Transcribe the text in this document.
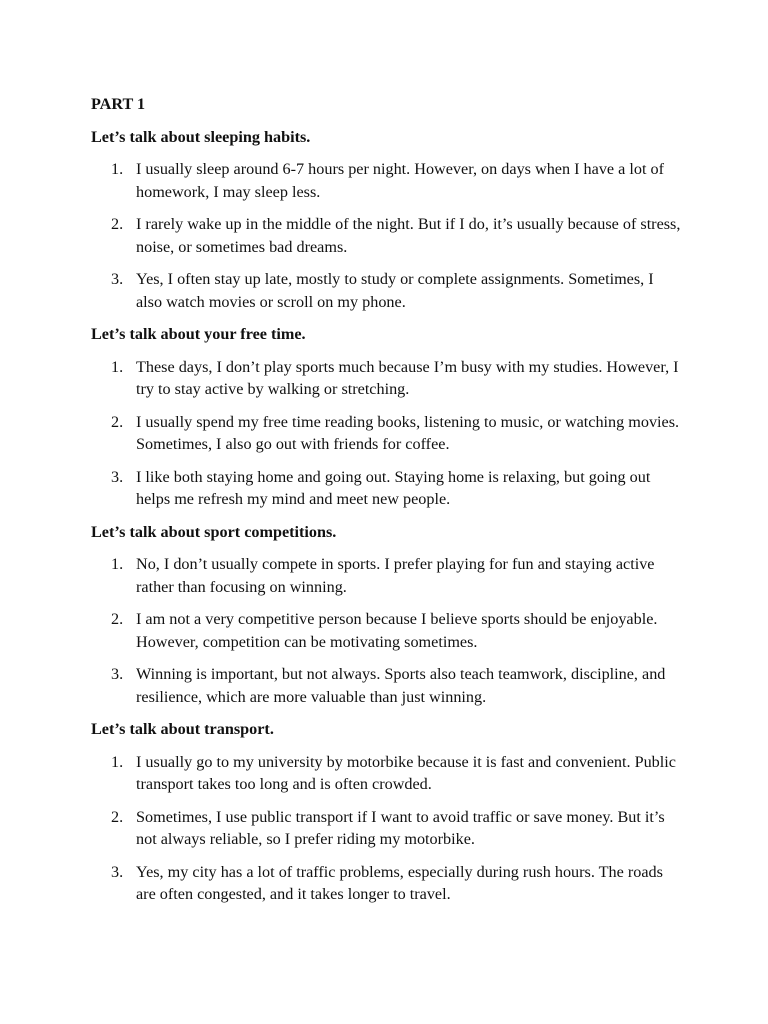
PART 1
Let’s talk about sleeping habits.
1. I usually sleep around 6-7 hours per night. However, on days when I have a lot of homework, I may sleep less.
2. I rarely wake up in the middle of the night. But if I do, it’s usually because of stress, noise, or sometimes bad dreams.
3. Yes, I often stay up late, mostly to study or complete assignments. Sometimes, I also watch movies or scroll on my phone.
Let’s talk about your free time.
1. These days, I don’t play sports much because I’m busy with my studies. However, I try to stay active by walking or stretching.
2. I usually spend my free time reading books, listening to music, or watching movies. Sometimes, I also go out with friends for coffee.
3. I like both staying home and going out. Staying home is relaxing, but going out helps me refresh my mind and meet new people.
Let’s talk about sport competitions.
1. No, I don’t usually compete in sports. I prefer playing for fun and staying active rather than focusing on winning.
2. I am not a very competitive person because I believe sports should be enjoyable. However, competition can be motivating sometimes.
3. Winning is important, but not always. Sports also teach teamwork, discipline, and resilience, which are more valuable than just winning.
Let’s talk about transport.
1. I usually go to my university by motorbike because it is fast and convenient. Public transport takes too long and is often crowded.
2. Sometimes, I use public transport if I want to avoid traffic or save money. But it’s not always reliable, so I prefer riding my motorbike.
3. Yes, my city has a lot of traffic problems, especially during rush hours. The roads are often congested, and it takes longer to travel.
